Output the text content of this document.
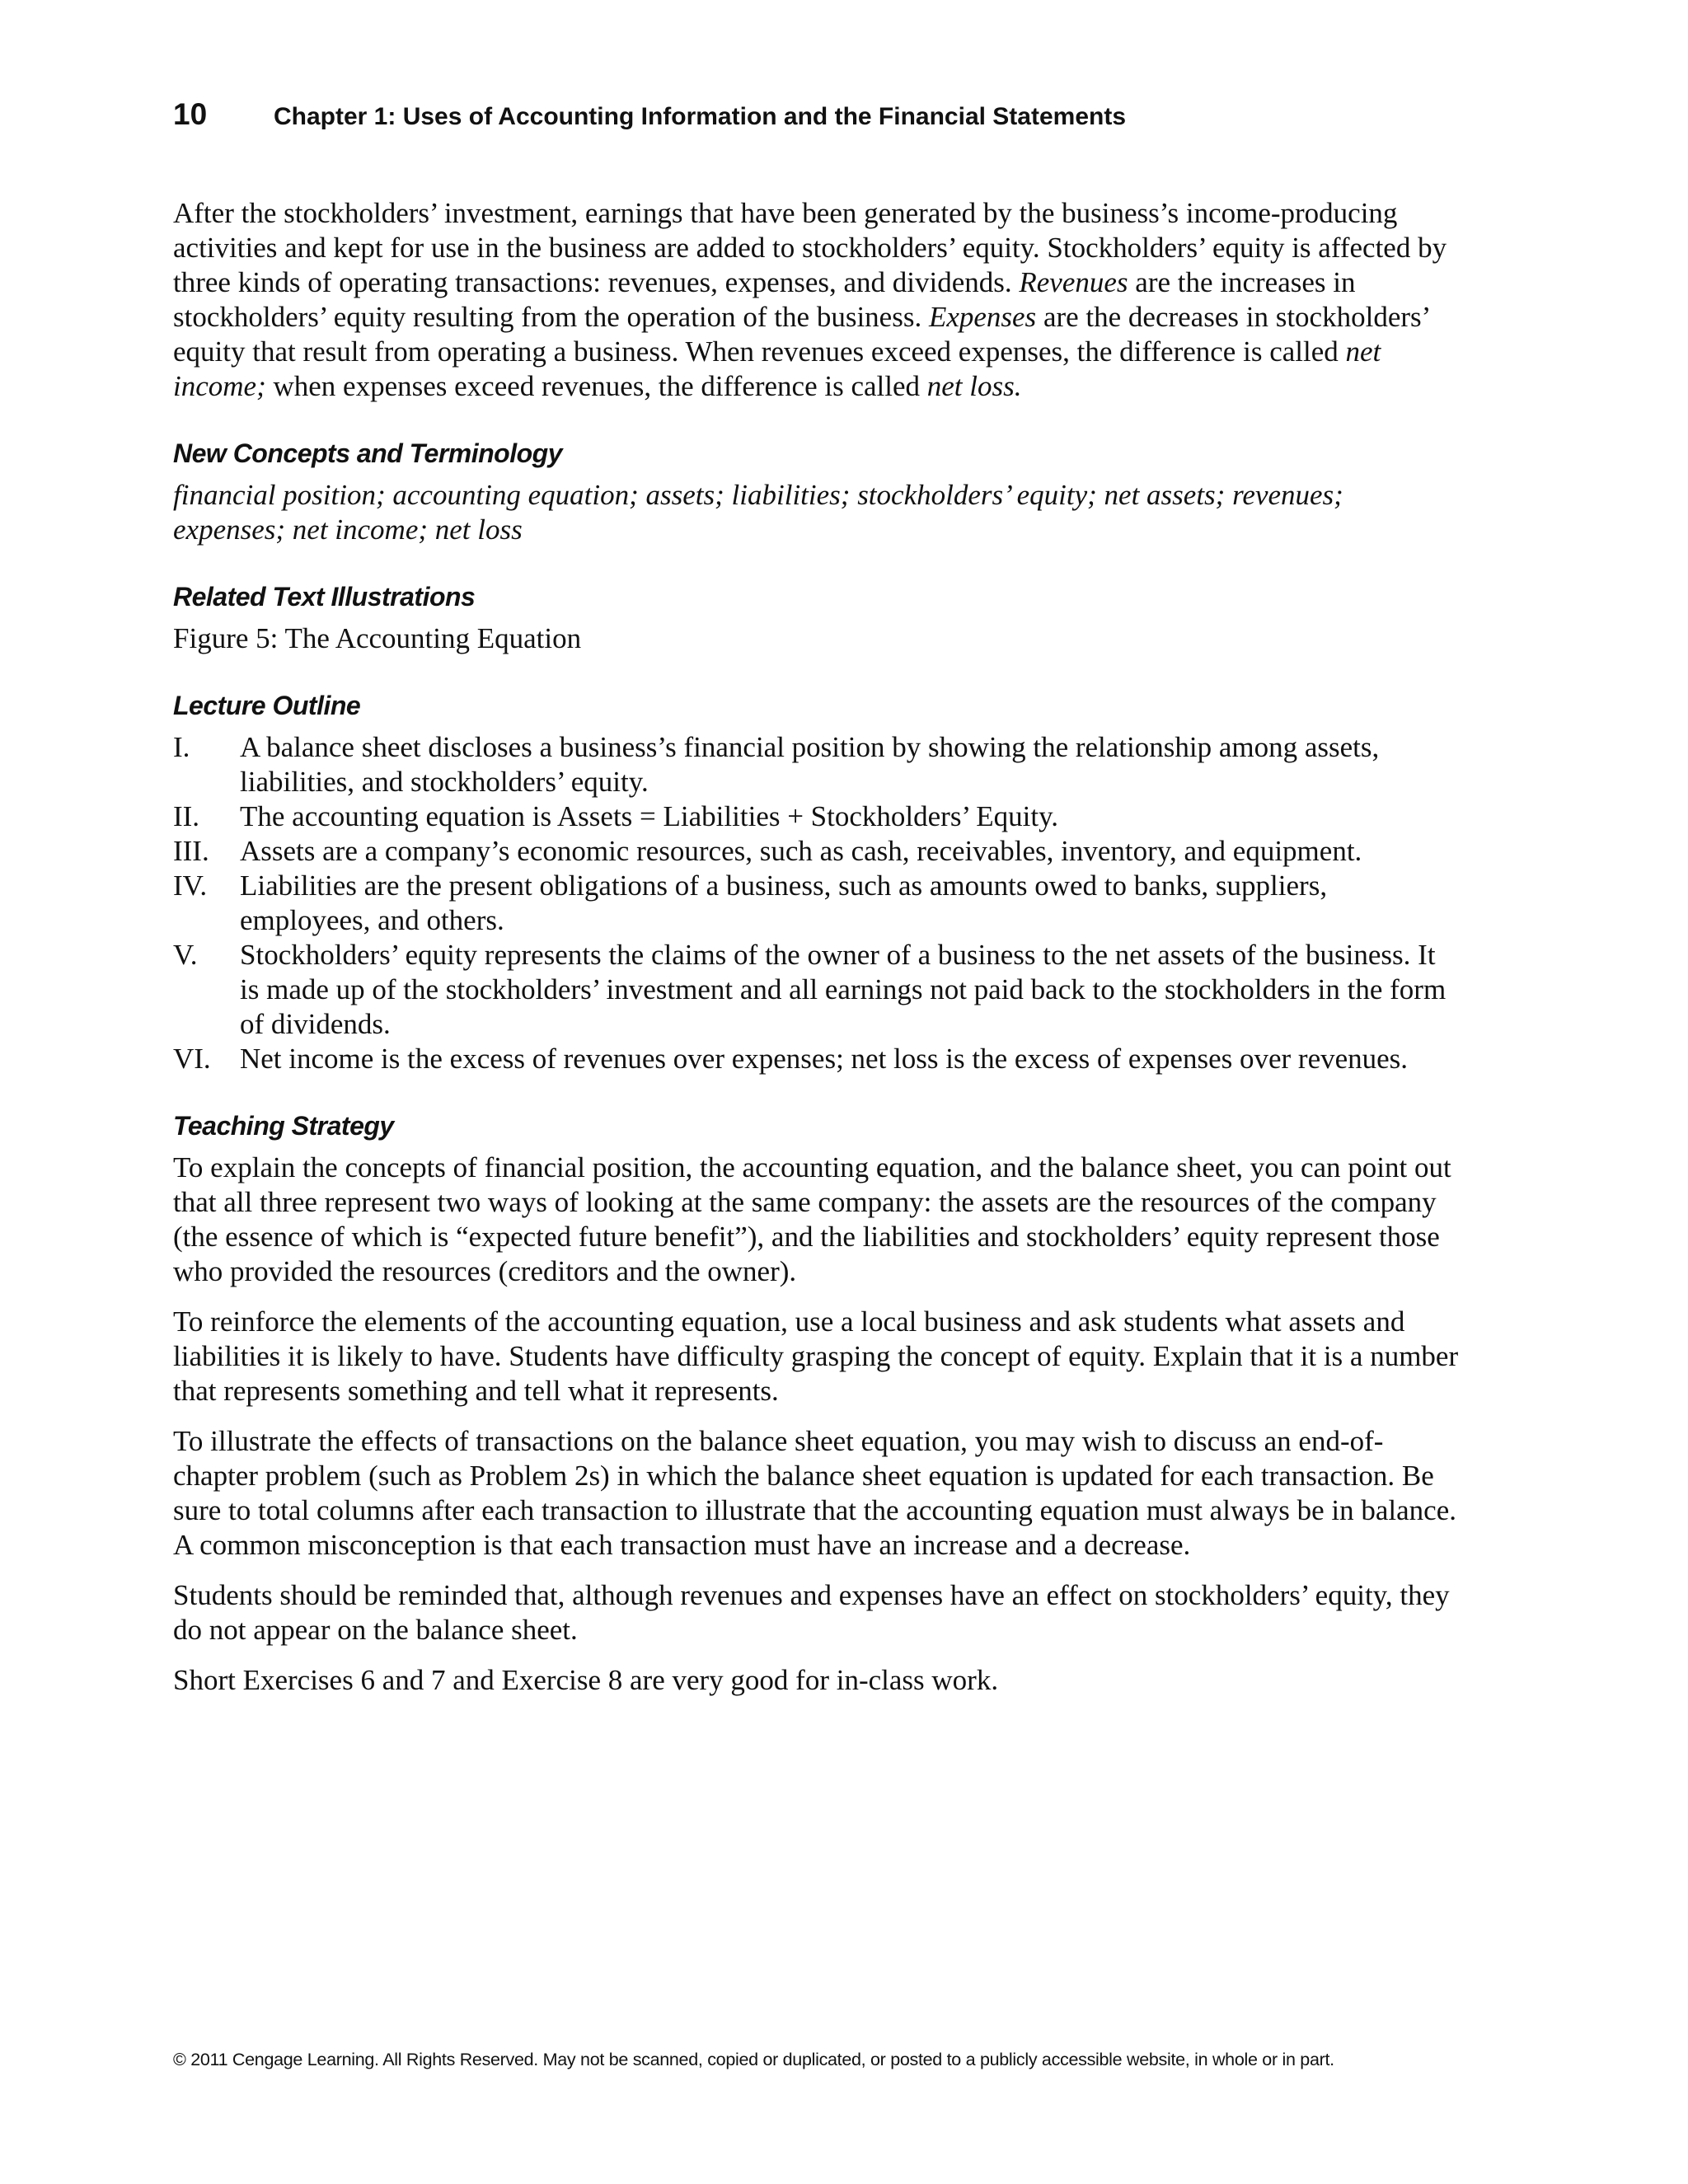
10	Chapter 1: Uses of Accounting Information and the Financial Statements

After the stockholders’ investment, earnings that have been generated by the business’s income-producing activities and kept for use in the business are added to stockholders’ equity. Stockholders’ equity is affected by three kinds of operating transactions: revenues, expenses, and dividends. Revenues are the increases in stockholders’ equity resulting from the operation of the business. Expenses are the decreases in stockholders’ equity that result from operating a business. When revenues exceed expenses, the difference is called net income; when expenses exceed revenues, the difference is called net loss.

New Concepts and Terminology

financial position; accounting equation; assets; liabilities; stockholders’ equity; net assets; revenues; expenses; net income; net loss

Related Text Illustrations

Figure 5: The Accounting Equation

Lecture Outline
I.	A balance sheet discloses a business’s financial position by showing the relationship among assets, liabilities, and stockholders’ equity.
II.	The accounting equation is Assets = Liabilities + Stockholders’ Equity.
III.	Assets are a company’s economic resources, such as cash, receivables, inventory, and equipment.
IV.	Liabilities are the present obligations of a business, such as amounts owed to banks, suppliers, employees, and others.
V.	Stockholders’ equity represents the claims of the owner of a business to the net assets of the business. It is made up of the stockholders’ investment and all earnings not paid back to the stockholders in the form of dividends.
VI.	Net income is the excess of revenues over expenses; net loss is the excess of expenses over revenues.
Teaching Strategy

To explain the concepts of financial position, the accounting equation, and the balance sheet, you can point out that all three represent two ways of looking at the same company: the assets are the resources of the company (the essence of which is “expected future benefit”), and the liabilities and stockholders’ equity represent those who provided the resources (creditors and the owner).

To reinforce the elements of the accounting equation, use a local business and ask students what assets and liabilities it is likely to have. Students have difficulty grasping the concept of equity. Explain that it is a number that represents something and tell what it represents.

To illustrate the effects of transactions on the balance sheet equation, you may wish to discuss an end-of-chapter problem (such as Problem 2s) in which the balance sheet equation is updated for each transaction. Be sure to total columns after each transaction to illustrate that the accounting equation must always be in balance. A common misconception is that each transaction must have an increase and a decrease.

Students should be reminded that, although revenues and expenses have an effect on stockholders’ equity, they do not appear on the balance sheet.

Short Exercises 6 and 7 and Exercise 8 are very good for in-class work.

© 2011 Cengage Learning. All Rights Reserved. May not be scanned, copied or duplicated, or posted to a publicly accessible website, in whole or in part.
